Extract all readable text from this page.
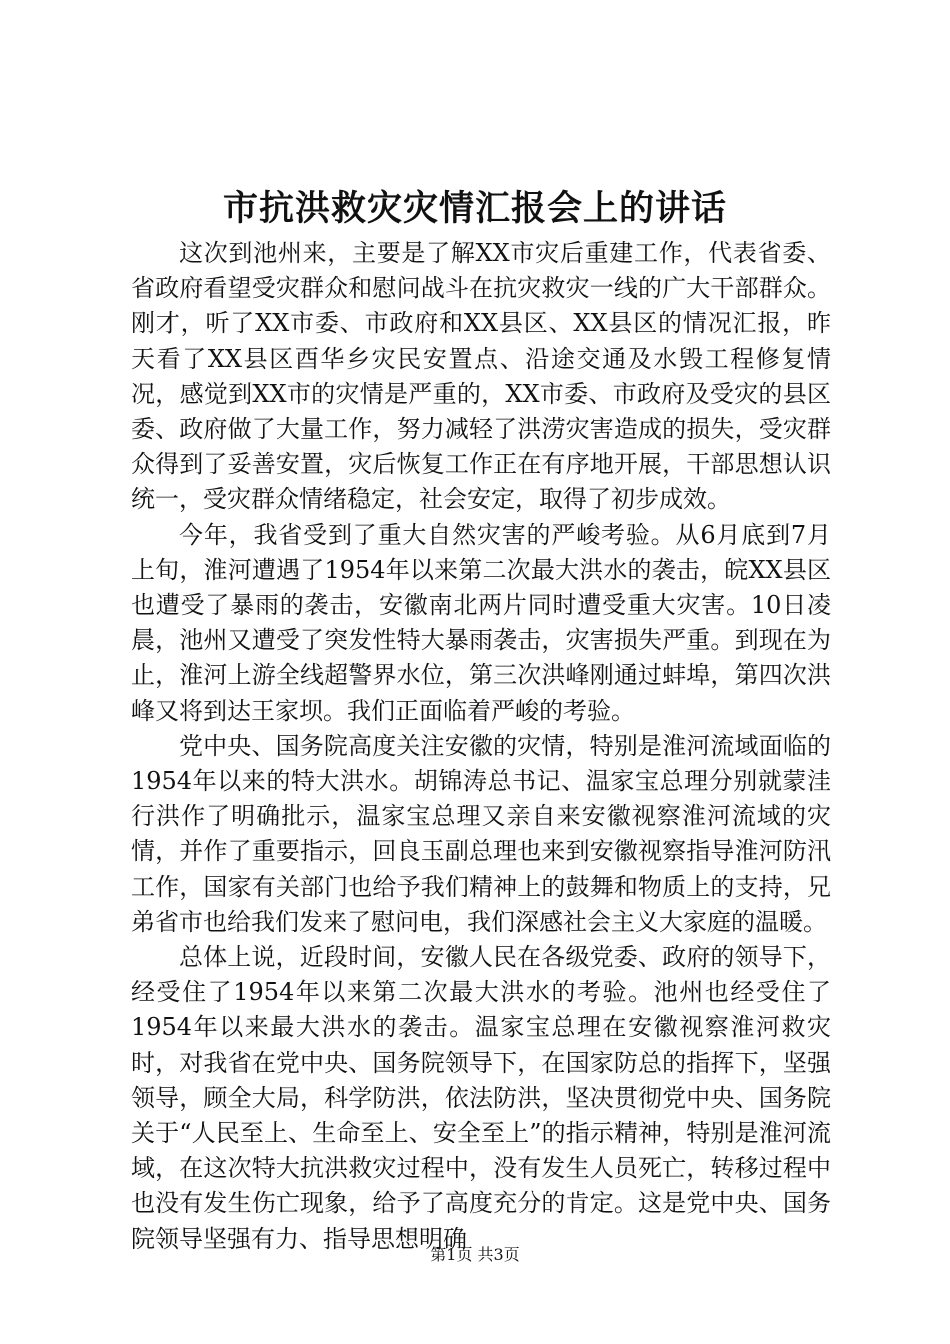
市抗洪救灾灾情汇报会上的讲话

这次到池州来，主要是了解XX市灾后重建工作，代表省委、省政府看望受灾群众和慰问战斗在抗灾救灾一线的广大干部群众。刚才，听了XX市委、市政府和XX县区、XX县区的情况汇报，昨天看了XX县区酉华乡灾民安置点、沿途交通及水毁工程修复情况，感觉到XX市的灾情是严重的，XX市委、市政府及受灾的县区委、政府做了大量工作，努力减轻了洪涝灾害造成的损失，受灾群众得到了妥善安置，灾后恢复工作正在有序地开展，干部思想认识统一，受灾群众情绪稳定，社会安定，取得了初步成效。

今年，我省受到了重大自然灾害的严峻考验。从6月底到7月上旬，淮河遭遇了1954年以来第二次最大洪水的袭击，皖XX县区也遭受了暴雨的袭击，安徽南北两片同时遭受重大灾害。10日凌晨，池州又遭受了突发性特大暴雨袭击，灾害损失严重。到现在为止，淮河上游全线超警界水位，第三次洪峰刚通过蚌埠，第四次洪峰又将到达王家坝。我们正面临着严峻的考验。

党中央、国务院高度关注安徽的灾情，特别是淮河流域面临的1954年以来的特大洪水。胡锦涛总书记、温家宝总理分别就蒙洼行洪作了明确批示，温家宝总理又亲自来安徽视察淮河流域的灾情，并作了重要指示，回良玉副总理也来到安徽视察指导淮河防汛工作，国家有关部门也给予我们精神上的鼓舞和物质上的支持，兄弟省市也给我们发来了慰问电，我们深感社会主义大家庭的温暖。

总体上说，近段时间，安徽人民在各级党委、政府的领导下，经受住了1954年以来第二次最大洪水的考验。池州也经受住了1954年以来最大洪水的袭击。温家宝总理在安徽视察淮河救灾时，对我省在党中央、国务院领导下，在国家防总的指挥下，坚强领导，顾全大局，科学防洪，依法防洪，坚决贯彻党中央、国务院关于“人民至上、生命至上、安全至上”的指示精神，特别是淮河流域，在这次特大抗洪救灾过程中，没有发生人员死亡，转移过程中也没有发生伤亡现象，给予了高度充分的肯定。这是党中央、国务院领导坚强有力、指导思想明确

第1页 共3页
